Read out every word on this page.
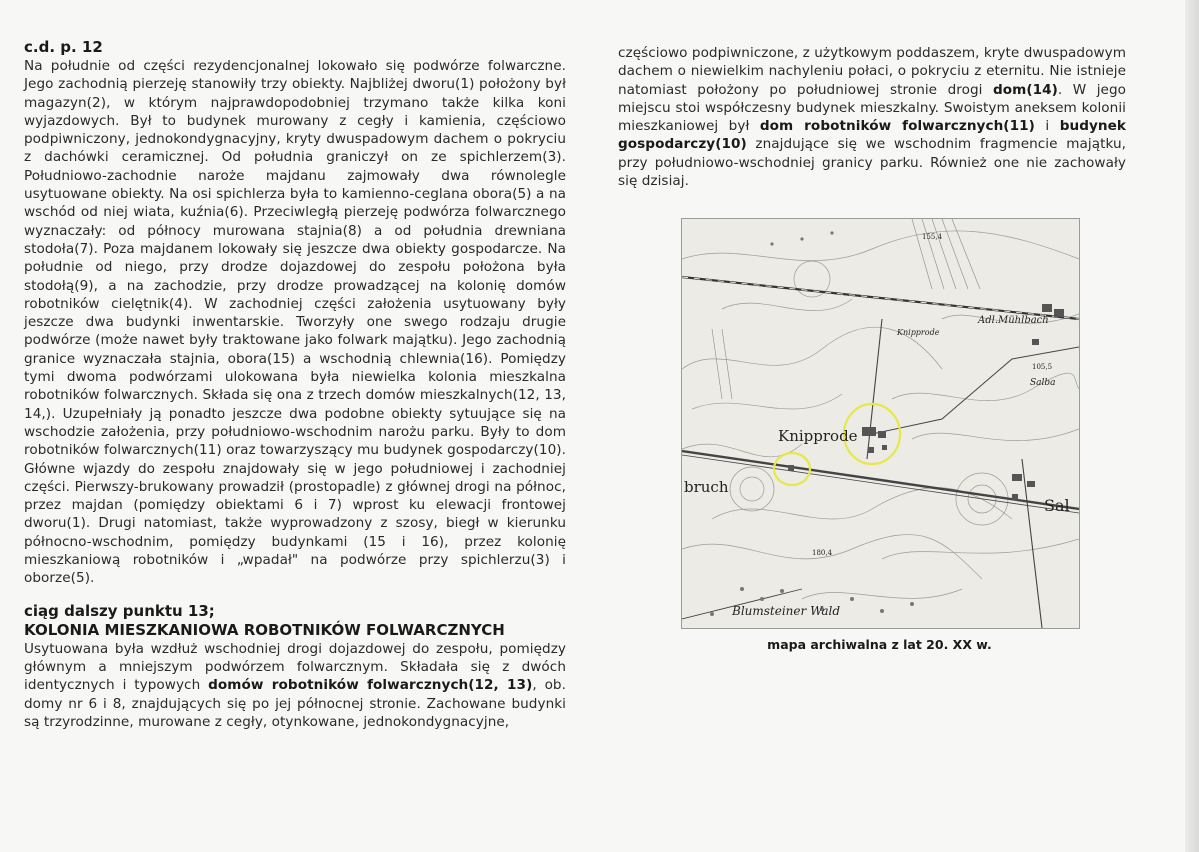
c.d. p. 12

Na południe od części rezydencjonalnej lokowało się podwórze folwarczne. Jego zachodnią pierzeję stanowiły trzy obiekty. Najbliżej dworu(1) położony był magazyn(2), w którym najprawdopodobniej trzymano także kilka koni wyjazdowych. Był to budynek murowany z cegły i kamienia, częściowo podpiwniczony, jednokondygnacyjny, kryty dwuspadowym dachem o pokryciu z dachówki ceramicznej. Od południa graniczył on ze spichlerzem(3). Południowo-zachodnie naroże majdanu zajmowały dwa równolegle usytuowane obiekty. Na osi spichlerza była to kamienno-ceglana obora(5) a na wschód od niej wiata, kuźnia(6). Przeciwległą pierzeję podwórza folwarcznego wyznaczały: od północy murowana stajnia(8) a od południa drewniana stodoła(7). Poza majdanem lokowały się jeszcze dwa obiekty gospodarcze. Na południe od niego, przy drodze dojazdowej do zespołu położona była stodołą(9), a na zachodzie, przy drodze prowadzącej na kolonię domów robotników cielętnik(4). W zachodniej części założenia usytuowany były jeszcze dwa budynki inwentarskie. Tworzyły one swego rodzaju drugie podwórze (może nawet były traktowane jako folwark majątku). Jego zachodnią granice wyznaczała stajnia, obora(15) a wschodnią chlewnia(16). Pomiędzy tymi dwoma podwórzami ulokowana była niewielka kolonia mieszkalna robotników folwarcznych. Składa się ona z trzech domów mieszkalnych(12, 13, 14,). Uzupełniały ją ponadto jeszcze dwa podobne obiekty sytuujące się na wschodzie założenia, przy południowo-wschodnim narożu parku. Były to dom robotników folwarcznych(11) oraz towarzyszący mu budynek gospodarczy(10). Główne wjazdy do zespołu znajdowały się w jego południowej i zachodniej części. Pierwszy-brukowany prowadził (prostopadle) z głównej drogi na północ, przez majdan (pomiędzy obiektami 6 i 7) wprost ku elewacji frontowej dworu(1). Drugi natomiast, także wyprowadzony z szosy, biegł w kierunku północno-wschodnim, pomiędzy budynkami (15 i 16), przez kolonię mieszkaniową robotników i „wpadał" na podwórze przy spichlerzu(3) i oborze(5).

ciąg dalszy punktu 13;

KOLONIA MIESZKANIOWA ROBOTNIKÓW FOLWARCZNYCH

Usytuowana była wzdłuż wschodniej drogi dojazdowej do zespołu, pomiędzy głównym a mniejszym podwórzem folwarcznym. Składała się z dwóch identycznych i typowych domów robotników folwarcznych(12, 13), ob. domy nr 6 i 8, znajdujących się po jej północnej stronie. Zachowane budynki są trzyrodzinne, murowane z cegły, otynkowane, jednokondygnacyjne,

częściowo podpiwniczone, z użytkowym poddaszem, kryte dwuspadowym dachem o niewielkim nachyleniu połaci, o pokryciu z eternitu. Nie istnieje natomiast położony po południowej stronie drogi dom(14). W jego miejscu stoi współczesny budynek mieszkalny. Swoistym aneksem kolonii mieszkaniowej był dom robotników folwarcznych(11) i budynek gospodarczy(10) znajdujące się we wschodnim fragmencie majątku, przy południowo-wschodniej granicy parku. Również one nie zachowały się dzisiaj.

Knipprode
Adl.Mühlbach
Knipprode
bruch
Sal
Salba
Blumsteiner Wald
155,4
105,5
180,4
mapa archiwalna z lat 20. XX w.
